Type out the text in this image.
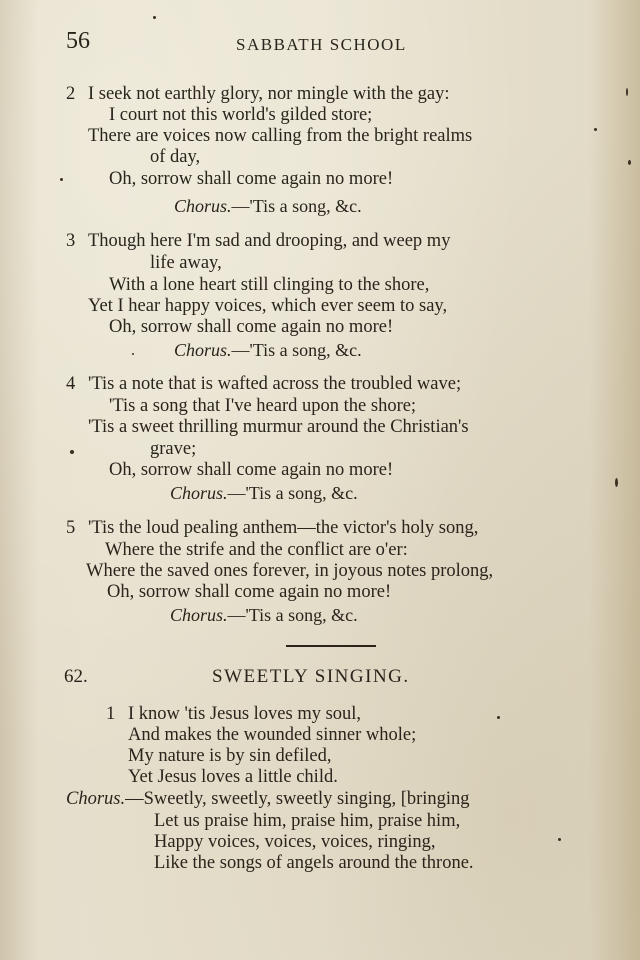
56	SABBATH SCHOOL
2 I seek not earthly glory, nor mingle with the gay:
I court not this world's gilded store;
There are voices now calling from the bright realms
of day,
Oh, sorrow shall come again no more!
Chorus.—'Tis a song, &c.
3 Though here I'm sad and drooping, and weep my
life away,
With a lone heart still clinging to the shore,
Yet I hear happy voices, which ever seem to say,
Oh, sorrow shall come again no more!
Chorus.—'Tis a song, &c.
4 'Tis a note that is wafted across the troubled wave;
'Tis a song that I've heard upon the shore;
'Tis a sweet thrilling murmur around the Christian's
grave;
Oh, sorrow shall come again no more!
Chorus.—'Tis a song, &c.
5 'Tis the loud pealing anthem—the victor's holy song,
Where the strife and the conflict are o'er:
Where the saved ones forever, in joyous notes prolong,
Oh, sorrow shall come again no more!
Chorus.—'Tis a song, &c.
62.	SWEETLY SINGING.
1 I know 'tis Jesus loves my soul,
And makes the wounded sinner whole;
My nature is by sin defiled,
Yet Jesus loves a little child.
Chorus.—Sweetly, sweetly, sweetly singing, [bringing
Let us praise him, praise him, praise him,
Happy voices, voices, voices, ringing,
Like the songs of angels around the throne.
